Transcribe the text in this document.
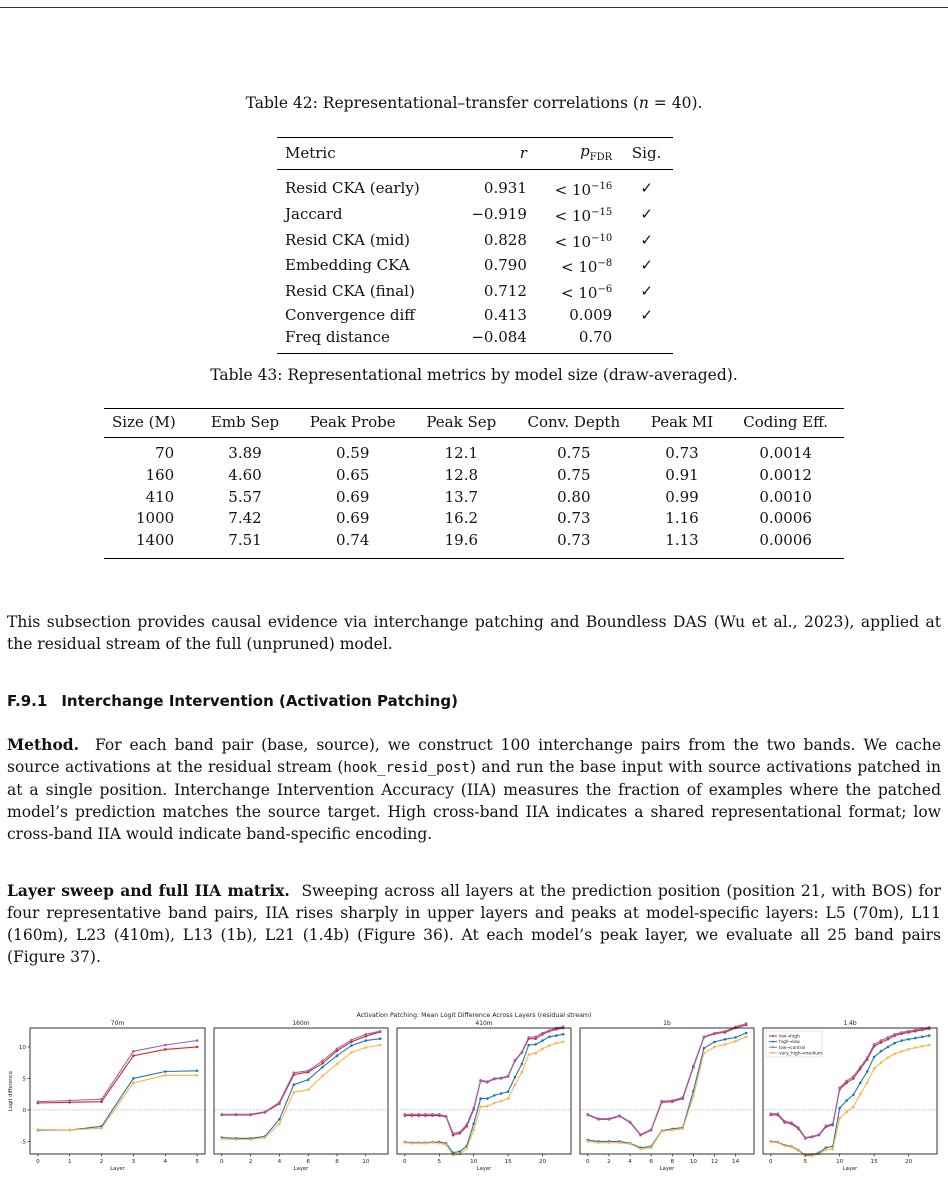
Table 42: Representational–transfer correlations (n = 40).
Metric	r	$p_{FDR}$	Sig.
Resid CKA (early)	0.931	< $10^{-16}$	✓
Jaccard	−0.919	< $10^{-15}$	✓
Resid CKA (mid)	0.828	< $10^{-10}$	✓
Embedding CKA	0.790	< $10^{-8}$	✓
Resid CKA (final)	0.712	< $10^{-6}$	✓
Convergence diff	0.413	0.009	✓
Freq distance	−0.084	0.70	
Table 43: Representational metrics by model size (draw-averaged).
Size (M)	Emb Sep	Peak Probe	Peak Sep	Conv. Depth	Peak MI	Coding Eff.
70	3.89	0.59	12.1	0.75	0.73	0.0014
160	4.60	0.65	12.8	0.75	0.91	0.0012
410	5.57	0.69	13.7	0.80	0.99	0.0010
1000	7.42	0.69	16.2	0.73	1.16	0.0006
1400	7.51	0.74	19.6	0.73	1.13	0.0006
This subsection provides causal evidence via interchange patching and Boundless DAS (Wu et al., 2023), applied at the residual stream of the full (unpruned) model.
F.9.1 Interchange Intervention (Activation Patching)
Method. For each band pair (base, source), we construct 100 interchange pairs from the two bands. We cache source activations at the residual stream (hook_resid_post) and run the base input with source activations patched in at a single position. Interchange Intervention Accuracy (IIA) measures the fraction of examples where the patched model’s prediction matches the source target. High cross-band IIA indicates a shared representational format; low cross-band IIA would indicate band-specific encoding.
Layer sweep and full IIA matrix. Sweeping across all layers at the prediction position (position 21, with BOS) for four representative band pairs, IIA rises sharply in upper layers and peaks at model-specific layers: L5 (70m), L11 (160m), L23 (410m), L13 (1b), L21 (1.4b) (Figure 36). At each model’s peak layer, we evaluate all 25 band pairs (Figure 37).
Activation Patching: Mean Logit Difference Across Layers (residual stream)
70m
0	1	2	3	4	5
Layer
-5
0
5
10
Logit difference
160m
0	2	4	6	8	10
Layer
410m
0	5	10	15	20
Layer
1b
0	2	4	6	8	10 12 14
Layer
1.4b
0	5	10	15	20
Layer
low→high
high→low
low→control
very_high→medium
